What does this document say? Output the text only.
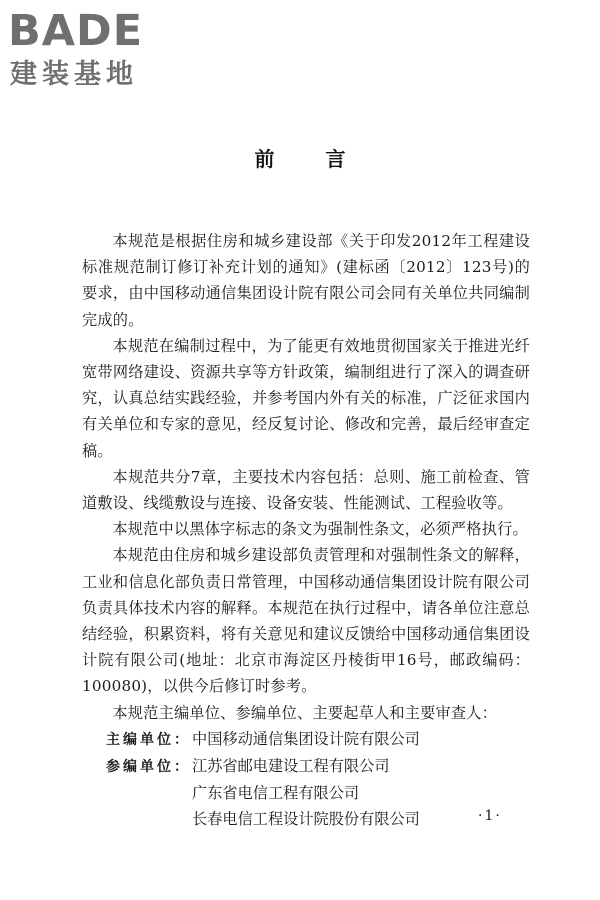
BADE
建装基地
前 言

本规范是根据住房和城乡建设部《关于印发2012年工程建设标准规范制订修订补充计划的通知》(建标函〔2012〕123号)的要求，由中国移动通信集团设计院有限公司会同有关单位共同编制完成的。

本规范在编制过程中，为了能更有效地贯彻国家关于推进光纤宽带网络建设、资源共享等方针政策，编制组进行了深入的调查研究，认真总结实践经验，并参考国内外有关的标准，广泛征求国内有关单位和专家的意见，经反复讨论、修改和完善，最后经审查定稿。

本规范共分7章，主要技术内容包括：总则、施工前检查、管道敷设、线缆敷设与连接、设备安装、性能测试、工程验收等。

本规范中以黑体字标志的条文为强制性条文，必须严格执行。

本规范由住房和城乡建设部负责管理和对强制性条文的解释，工业和信息化部负责日常管理，中国移动通信集团设计院有限公司负责具体技术内容的解释。本规范在执行过程中，请各单位注意总结经验，积累资料，将有关意见和建议反馈给中国移动通信集团设计院有限公司(地址：北京市海淀区丹棱街甲16号，邮政编码：100080)，以供今后修订时参考。

本规范主编单位、参编单位、主要起草人和主要审查人：

主编单位：中国移动通信集团设计院有限公司

参编单位：江苏省邮电建设工程有限公司

广东省电信工程有限公司

长春电信工程设计院股份有限公司	·1·
